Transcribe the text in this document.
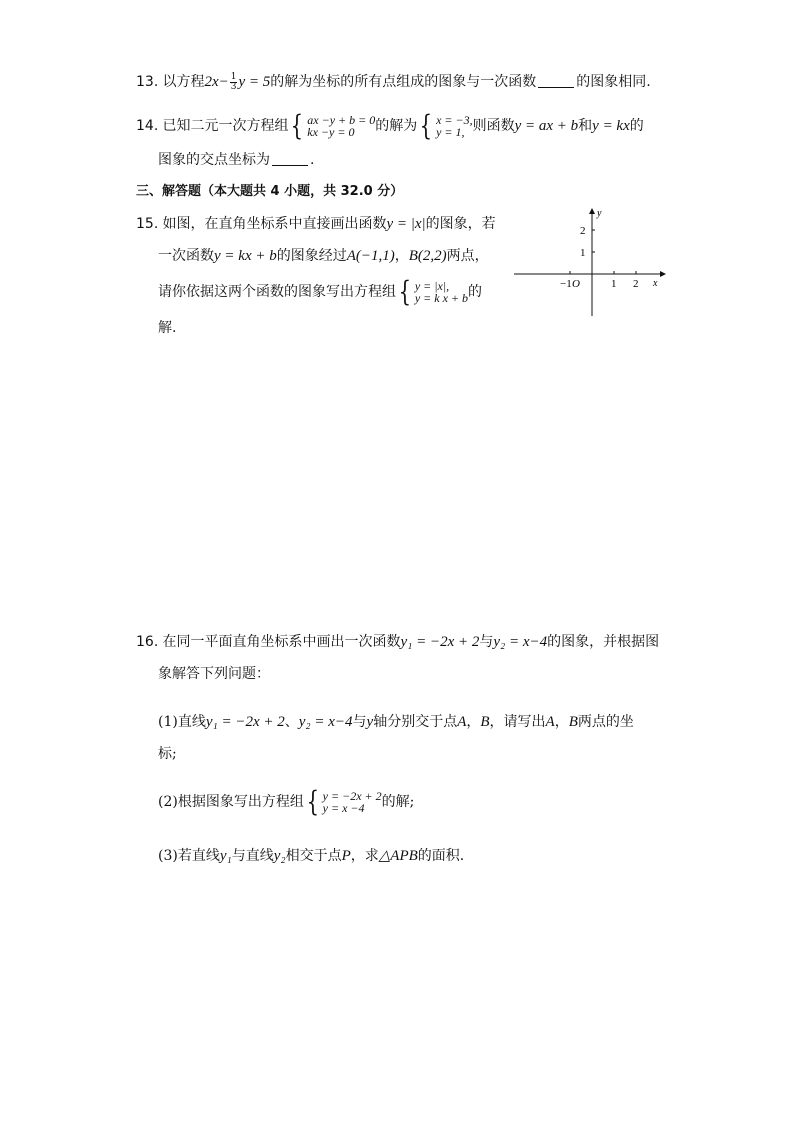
13. 以方程$2x- \frac{1}{3}$ y = 5的解为坐标的所有点组成的图象与一次函数	的图象相同.
14. 已知二元一次方程组 { ax −y + b = 0
kx −y = 0	的解为 { x = −3,
y = 1, 则函数y = ax + b和y = kx的
图象的交点坐标为	.
三、解答题（本大题共 4 小题，共 32.0 分）
15. 如图，在直角坐标系中直接画出函数y = |x|的图象，若
一次函数y = kx + b的图象经过A(−1,1)，B(2,2)两点，
请你依据这两个函数的图象写出方程组 { y = |x|,
y = k x + b 的
解.
−1	1 2
1
2
x
y
O
16. 在同一平面直角坐标系中画出一次函数y₁ = −2x + 2与y₂ = x−4的图象，并根据图
象解答下列问题：
(1)直线y₁ = −2x + 2、y₂ = x−4与y轴分别交于点A，B，请写出A，B两点的坐
标;
(2)根据图象写出方程组 { y = −2x + 2
y = x −4	的解;
(3)若直线y₁与直线y₂相交于点P，求△APB的面积.
